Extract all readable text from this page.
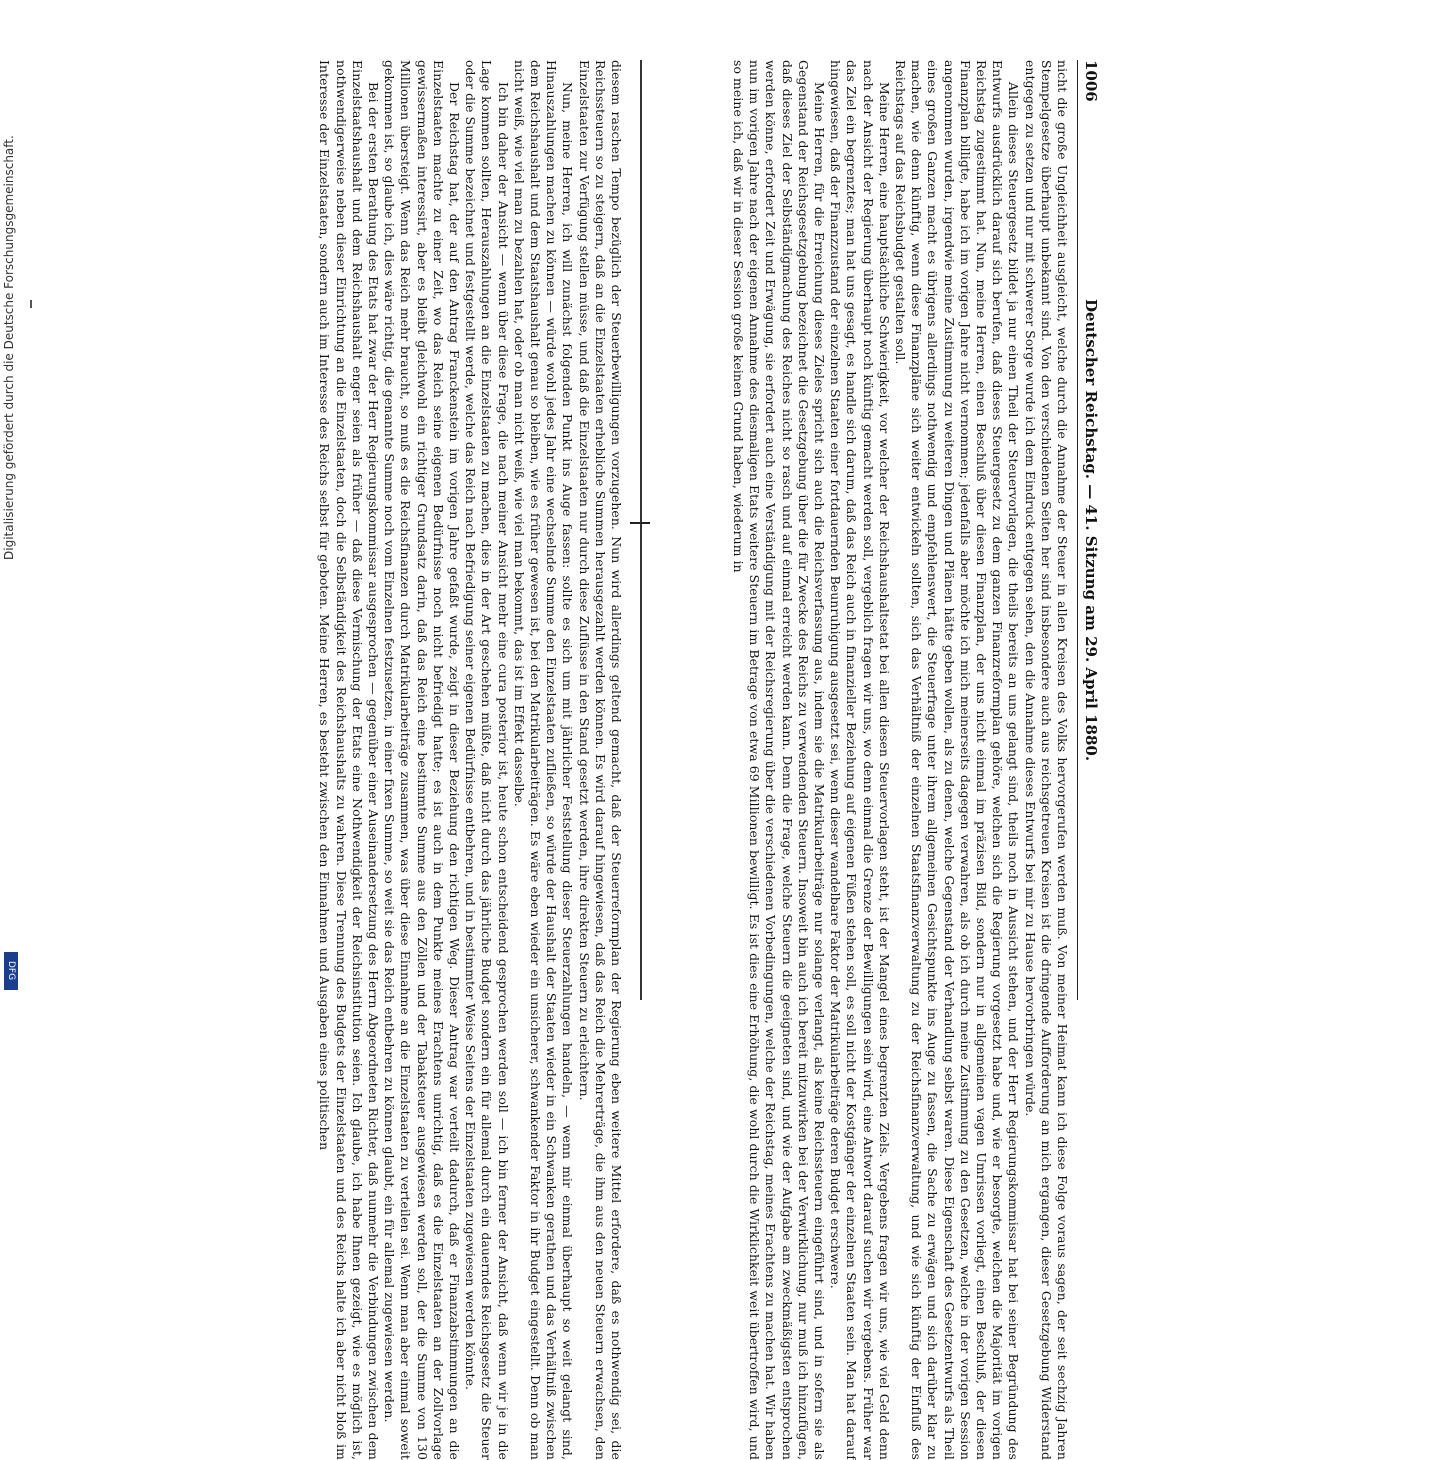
1006
Deutscher Reichstag. — 41. Sitzung am 29. April 1880.

nicht die große Ungleichheit ausgleicht, welche durch die Annahme der Steuer in allen Kreisen des Volks hervorgerufen werden muß. Von meiner Heimat kann ich diese Folge voraus sagen, der seit sechzig Jahren Stempelgesetze überhaupt unbekannt sind. Von den verschiedenen Seiten her sind insbesondere auch aus reichsgetreuen Kreisen ist die dringende Aufforderung an mich ergangen, dieser Gesetzgebung Widerstand entgegen zu setzen und nur mit schwerer Sorge wurde ich dem Eindruck entgegen sehen, den die Annahme dieses Entwurfs bei mir zu Hause hervorbringen würde.

Allein dieses Steuergesetz bildet ja nur einen Theil der Steuervorlagen, die theils bereits an uns gelangt sind, theils noch in Aussicht stehen, und der Herr Regierungskommissar hat bei seiner Begründung des Entwurfs ausdrücklich darauf sich berufen, daß dieses Steuergesetz zu dem ganzen Finanzreformplan gehöre, welchen sich die Regierung vorgesetzt habe und, wie er besorgte, welchen die Majorität im vorigen Reichstag zugestimmt hat. Nun, meine Herren, einen Beschluß über diesen Finanzplan, der uns nicht einmal im präzisen Bild, sondern nur in allgemeinen vagen Umrissen vorliegt, einen Beschluß, der diesen Finanzplan billigte, habe ich im vorigen Jahre nicht vernommen; jedenfalls aber möchte ich mich meinerseits dagegen verwahren, als ob ich durch meine Zustimmung zu den Gesetzen, welche in der vorigen Session angenommen wurden, irgendwie meine Zustimmung zu weiteren Dingen und Plänen hätte geben wollen, als zu denen, welche Gegenstand der Verhandlung selbst waren. Diese Eigenschaft des Gesetzentwurfs als Theil eines großen Ganzen macht es übrigens allerdings nothwendig und empfehlenswert, die Steuerfrage unter ihrem allgemeinen Gesichtspunkte ins Auge zu fassen, die Sache zu erwägen und sich darüber klar zu machen, wie denn künftig, wenn diese Finanzpläne sich weiter entwickeln sollten, sich das Verhältniß der einzelnen Staatsfinanzverwaltung zu der Reichsfinanzverwaltung, und wie sich künftig der Einfluß des Reichstags auf das Reichsbudget gestalten soll.

Meine Herren, eine hauptsächliche Schwierigkeit, vor welcher der Reichshaushaltsetat bei allen diesen Steuervorlagen steht, ist der Mangel eines begrenzten Ziels. Vergebens fragen wir uns, wie viel Geld denn nach der Ansicht der Regierung überhaupt noch künftig gemacht werden soll, vergeblich fragen wir uns, wo denn einmal die Grenze der Bewilligungen sein wird, eine Antwort darauf suchen wir vergebens. Früher war das Ziel ein begrenztes; man hat uns gesagt, es handle sich darum, daß das Reich auch in finanzieller Beziehung auf eigenen Füßen stehen soll, es soll nicht der Kostgänger der einzelnen Staaten sein. Man hat darauf hingewiesen, daß der Finanzzustand der einzelnen Staaten einer fortdauernden Beunruhigung ausgesetzt sei, wenn dieser wandelbare Faktor der Matrikularbeiträge deren Budget erschwere.

Meine Herren, für die Erreichung dieses Zieles spricht sich auch die Reichsverfassung aus, indem sie die Matrikularbeiträge nur solange verlangt, als keine Reichssteuern eingeführt sind, und in sofern sie als Gegenstand der Reichsgesetzgebung bezeichnet die Gesetzgebung über die für Zwecke des Reichs zu verwendenden Steuern. Insoweit bin auch ich bereit mitzuwirken bei der Verwirklichung, nur muß ich hinzufügen, daß dieses Ziel der Selbständigmachung des Reiches nicht so rasch und auf einmal erreicht werden kann. Denn die Frage, welche Steuern die geeigneten sind, und wie der Aufgabe am zweckmäßigsten entsprochen werden könne, erfordert Zeit und Erwägung, sie erfordert auch eine Verständigung mit der Reichsregierung über die verschiedenen Vorbedingungen, welche der Reichstag, meines Erachtens zu machen hat. Wir haben nun im vorigen Jahre nach der eigenen Annahme des diesmaligen Etats weitere Steuern im Betrage von etwa 69 Millionen bewilligt. Es ist dies eine Erhöhung, die wohl durch die Wirklichkeit weit übertroffen wird, und so meine ich, daß wir in dieser Session große keinen Grund haben, wiederum in

diesem raschen Tempo bezüglich der Steuerbewilligungen vorzugehen. Nun wird allerdings geltend gemacht, daß der Steuerreformplan der Regierung eben weitere Mittel erfordere, daß es nothwendig sei, die Reichssteuern so zu steigern, daß an die Einzelstaaten erhebliche Summen herausgezahlt werden können. Es wird darauf hingewiesen, daß das Reich die Mehrerträge, die ihm aus den neuen Steuern erwachsen, den Einzelstaaten zur Verfügung stellen müsse, und daß die Einzelstaaten nur durch diese Zuflüsse in den Stand gesetzt werden, ihre direkten Steuern zu erleichtern.

Nun, meine Herren, ich will zunächst folgenden Punkt ins Auge fassen: sollte es sich um mit jährlicher Feststellung dieser Steuerzahlungen handeln, — wenn mir einmal überhaupt so weit gelangt sind, Hinauszahlungen machen zu können — würde wohl jedes Jahr eine wechselnde Summe den Einzelstaaten zufließen, so würde der Haushalt der Staaten wieder in ein Schwanken gerathen und das Verhältniß zwischen dem Reichshaushalt und dem Staatshaushalt genau so bleiben, wie es früher gewesen ist, bei den Matrikularbeiträgen. Es wäre eben wieder ein unsicherer, schwankender Faktor in ihr Budget eingestellt. Denn ob man nicht weiß, wie viel man zu bezahlen hat, oder ob man nicht weiß, wie viel man bekommt, das ist im Effekt dasselbe.

Ich bin daher der Ansicht — wenn über diese Frage, die nach meiner Ansicht mehr eine cura posterior ist, heute schon entscheidend gesprochen werden soll — ich bin ferner der Ansicht, daß wenn wir je in die Lage kommen sollten, Herauszahlungen an die Einzelstaaten zu machen, dies in der Art geschehen müßte, daß nicht durch das jährliche Budget sondern ein für allemal durch ein dauerndes Reichsgesetz die Steuer oder die Summe bezeichnet und festgestellt werde, welche das Reich nach Befriedigung seiner eigenen Bedürfnisse entbehren, und in bestimmter Weise Seitens der Einzelstaaten zugewiesen werden könnte.

Der Reichstag hat, der auf den Antrag Franckenstein im vorigen Jahre gefaßt wurde, zeigt in dieser Beziehung den richtigen Weg. Dieser Antrag war verteilt dadurch, daß er Finanzabstimmungen an die Einzelstaaten machte zu einer Zeit, wo das Reich seine eigenen Bedürfnisse noch nicht befriedigt hatte; es ist auch in dem Punkte meines Erachtens unrichtig, daß es die Einzelstaaten an der Zollvorlage gewissermaßen interessirt, aber es bleibt gleichwohl ein richtiger Grundsatz darin, daß das Reich eine bestimmte Summe aus den Zöllen und der Tabaksteuer ausgewiesen werden soll, der die Summe von 130 Millionen übersteigt. Wenn das Reich mehr braucht, so muß es die Reichsfinanzen durch Matrikularbeiträge zusammen, was über diese Einnahme an die Einzelstaaten zu verteilen sei. Wenn man aber einmal soweit gekommen ist, so glaube ich, dies wäre richtig, die genannte Summe noch vom Einzelnen festzusetzen, in einer fixen Summe, so weit sie das Reich entbehren zu können glaubt, ein für allemal zugewiesen werden.

Bei der ersten Berathung des Etats hat zwar der Herr Regierungskommissar ausgesprochen — gegenüber einer Auseinandersetzung des Herrn Abgeordneten Richter, daß nunmehr die Verbindungen zwischen dem Einzelstaatshaushalt und dem Reichshaushalt enger seien als früher — daß diese Vermischung der Etats eine Nothwendigkeit der Reichsinstitution seien. Ich glaube, ich habe Ihnen gezeigt, wie es möglich ist, nothwendigerweise neben dieser Einrichtung an die Einzelstaaten, doch die Selbständigkeit des Reichshaushalts zu wahren. Diese Trennung des Budgets der Einzelstaaten und des Reichs halte ich aber nicht bloß im Interesse der Einzelstaaten, sondern auch im Interesse des Reichs selbst für geboten. Meine Herren, es besteht zwischen den Einnahmen und Ausgaben eines politischen

Digitalisierung gefördert durch die Deutsche Forschungsgemeinschaft.
DFG
